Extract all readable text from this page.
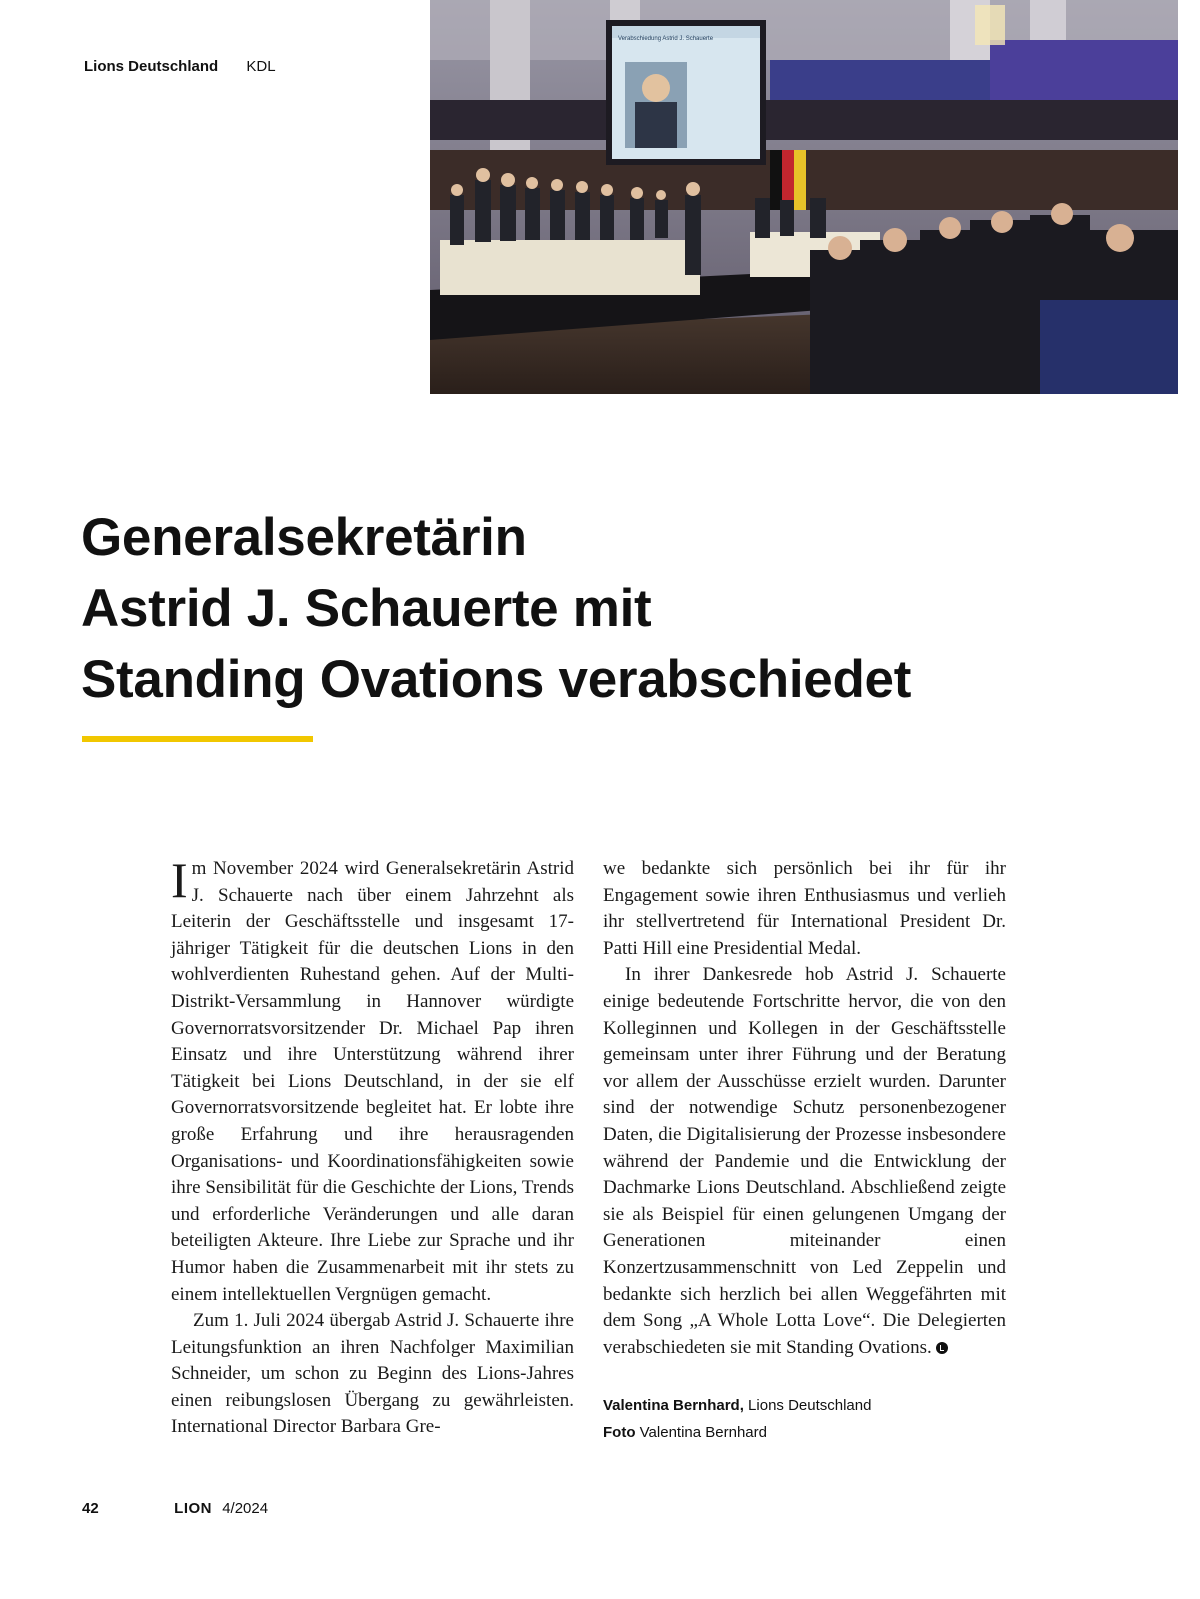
Lions Deutschland KDL
Verabschiedung Astrid J. Schauerte
Generalsekretärin
Astrid J. Schauerte mit
Standing Ovations verabschiedet

Im November 2024 wird Generalsekretärin Astrid J. Schauerte nach über einem Jahrzehnt als Leiterin der Geschäftsstelle und insgesamt 17-jähriger Tätigkeit für die deutschen Lions in den wohlverdienten Ruhestand gehen. Auf der Multi-Distrikt-Versammlung in Hannover würdigte Governorratsvorsitzender Dr. Michael Pap ihren Einsatz und ihre Unterstützung während ihrer Tätigkeit bei Lions Deutschland, in der sie elf Governorratsvorsitzende begleitet hat. Er lobte ihre große Erfahrung und ihre herausragenden Organisations- und Koordinationsfähigkeiten sowie ihre Sensibilität für die Geschichte der Lions, Trends und erforderliche Veränderungen und alle daran beteiligten Akteure. Ihre Liebe zur Sprache und ihr Humor haben die Zusammenarbeit mit ihr stets zu einem intellektuellen Vergnügen gemacht.

Zum 1. Juli 2024 übergab Astrid J. Schauerte ihre Leitungsfunktion an ihren Nachfolger Maximilian Schneider, um schon zu Beginn des Lions-Jahres einen reibungslosen Übergang zu gewährleisten. International Director Barbara Gre-

we bedankte sich persönlich bei ihr für ihr Engagement sowie ihren Enthusiasmus und verlieh ihr stellvertretend für International President Dr. Patti Hill eine Presidential Medal.

In ihrer Dankesrede hob Astrid J. Schauerte einige bedeutende Fortschritte hervor, die von den Kolleginnen und Kollegen in der Geschäftsstelle gemeinsam unter ihrer Führung und der Beratung vor allem der Ausschüsse erzielt wurden. Darunter sind der notwendige Schutz personenbezogener Daten, die Digitalisierung der Prozesse insbesondere während der Pandemie und die Entwicklung der Dachmarke Lions Deutschland. Abschließend zeigte sie als Beispiel für einen gelungenen Umgang der Generationen miteinander einen Konzertzusammenschnitt von Led Zeppelin und bedankte sich herzlich bei allen Weggefährten mit dem Song „A Whole Lotta Love“. Die Delegierten verabschiedeten sie mit Standing Ovations.

Valentina Bernhard, Lions Deutschland
Foto Valentina Bernhard
42	LION 4/2024
